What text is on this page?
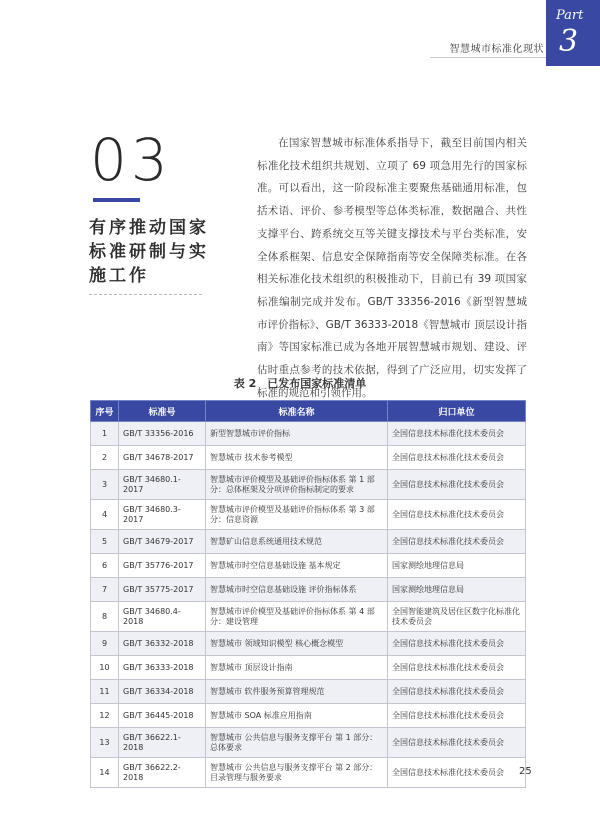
Part
3
智慧城市标准化现状
03
有序推动国家标准研制与实施工作

在国家智慧城市标准体系指导下，截至目前国内相关标准化技术组织共规划、立项了 69 项急用先行的国家标准。可以看出，这一阶段标准主要聚焦基础通用标准，包括术语、评价、参考模型等总体类标准，数据融合、共性支撑平台、跨系统交互等关键支撑技术与平台类标准，安全体系框架、信息安全保障指南等安全保障类标准。在各相关标准化技术组织的积极推动下，目前已有 39 项国家标准编制完成并发布。GB/T 33356-2016《新型智慧城市评价指标》、GB/T 36333-2018《智慧城市 顶层设计指南》等国家标准已成为各地开展智慧城市规划、建设、评估时重点参考的技术依据，得到了广泛应用，切实发挥了标准的规范和引领作用。

表 2　已发布国家标准清单
序号	标准号	标准名称	归口单位
1	GB/T 33356-2016	新型智慧城市评价指标	全国信息技术标准化技术委员会
2	GB/T 34678-2017	智慧城市 技术参考模型	全国信息技术标准化技术委员会
3	GB/T 34680.1-2017	智慧城市评价模型及基础评价指标体系 第 1 部分：总体框架及分项评价指标制定的要求	全国信息技术标准化技术委员会
4	GB/T 34680.3-2017	智慧城市评价模型及基础评价指标体系 第 3 部分：信息资源	全国信息技术标准化技术委员会
5	GB/T 34679-2017	智慧矿山信息系统通用技术规范	全国信息技术标准化技术委员会
6	GB/T 35776-2017	智慧城市时空信息基础设施 基本规定	国家测绘地理信息局
7	GB/T 35775-2017	智慧城市时空信息基础设施 评价指标体系	国家测绘地理信息局
8	GB/T 34680.4-2018	智慧城市评价模型及基础评价指标体系 第 4 部分：建设管理	全国智能建筑及居住区数字化标准化技术委员会
9	GB/T 36332-2018	智慧城市 领域知识模型 核心概念模型	全国信息技术标准化技术委员会
10	GB/T 36333-2018	智慧城市 顶层设计指南	全国信息技术标准化技术委员会
11	GB/T 36334-2018	智慧城市 软件服务预算管理规范	全国信息技术标准化技术委员会
12	GB/T 36445-2018	智慧城市 SOA 标准应用指南	全国信息技术标准化技术委员会
13	GB/T 36622.1-2018	智慧城市 公共信息与服务支撑平台 第 1 部分：总体要求	全国信息技术标准化技术委员会
14	GB/T 36622.2-2018	智慧城市 公共信息与服务支撑平台 第 2 部分：目录管理与服务要求	全国信息技术标准化技术委员会 25
